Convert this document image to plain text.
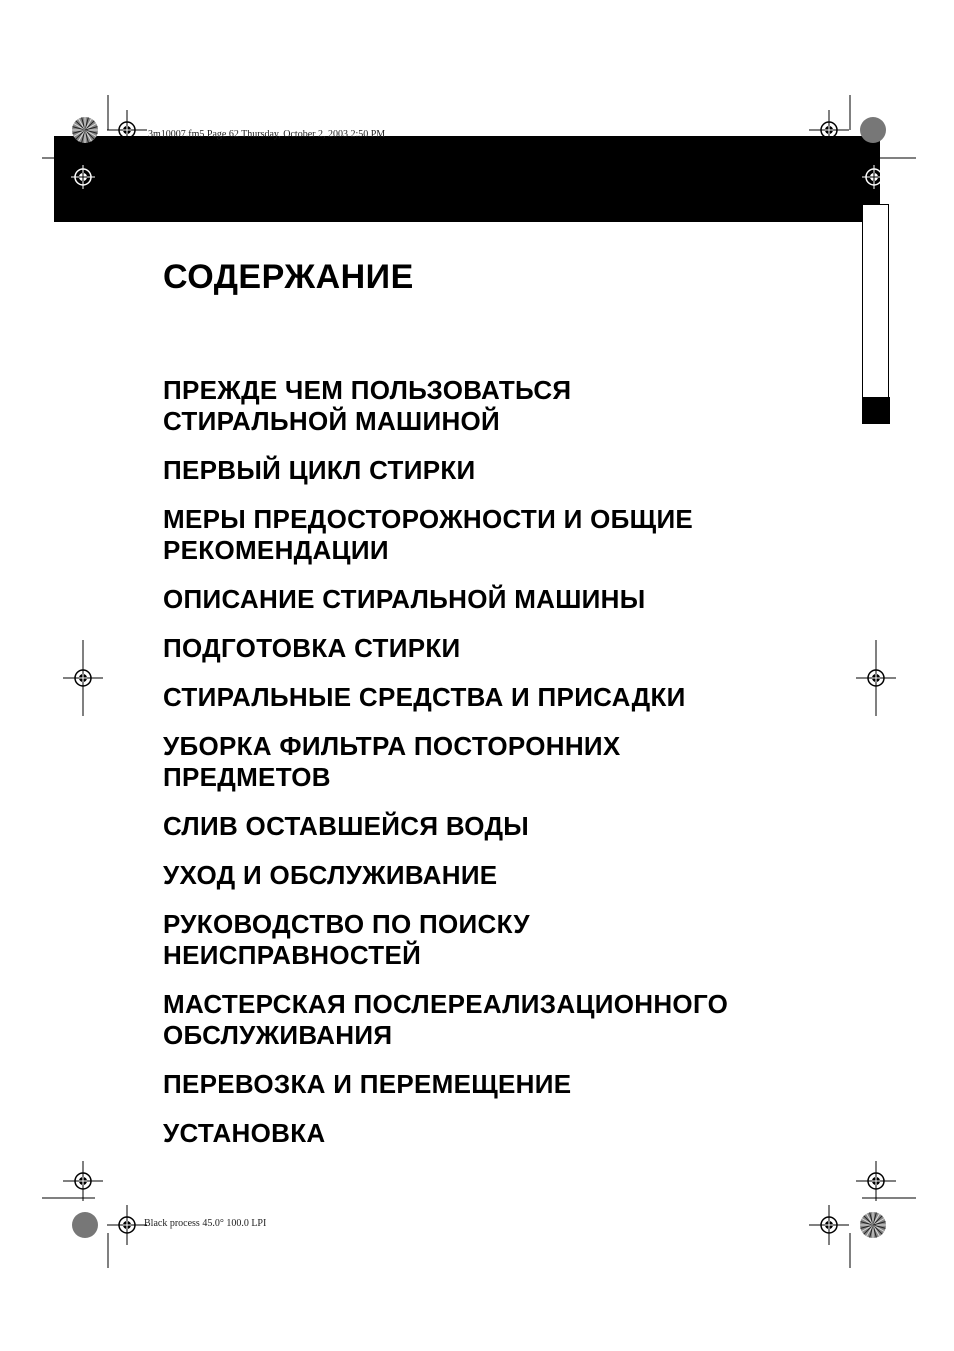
3m10007.fm5 Page 62 Thursday, October 2, 2003 2:50 PM
Black process 45.0° 100.0 LPI
СОДЕРЖАНИЕ
ПРЕЖДЕ ЧЕМ ПОЛЬЗОВАТЬСЯ
СТИРАЛЬНОЙ МАШИНОЙ
ПЕРВЫЙ ЦИКЛ СТИРКИ
МЕРЫ ПРЕДОСТОРОЖНОСТИ И ОБЩИЕ
РЕКОМЕНДАЦИИ
ОПИСАНИЕ СТИРАЛЬНОЙ МАШИНЫ
ПОДГОТОВКА СТИРКИ
СТИРАЛЬНЫЕ СРЕДСТВА И ПРИСАДКИ
УБОРКА ФИЛЬТРА ПОСТОРОННИХ
ПРЕДМЕТОВ
СЛИВ ОСТАВШЕЙСЯ ВОДЫ
УХОД И ОБСЛУЖИВАНИЕ
РУКОВОДСТВО ПО ПОИСКУ
НЕИСПРАВНОСТЕЙ
МАСТЕРСКАЯ ПОСЛЕРЕАЛИЗАЦИОННОГО
ОБСЛУЖИВАНИЯ
ПЕРЕВОЗКА И ПЕРЕМЕЩЕНИЕ
УСТАНОВКА
